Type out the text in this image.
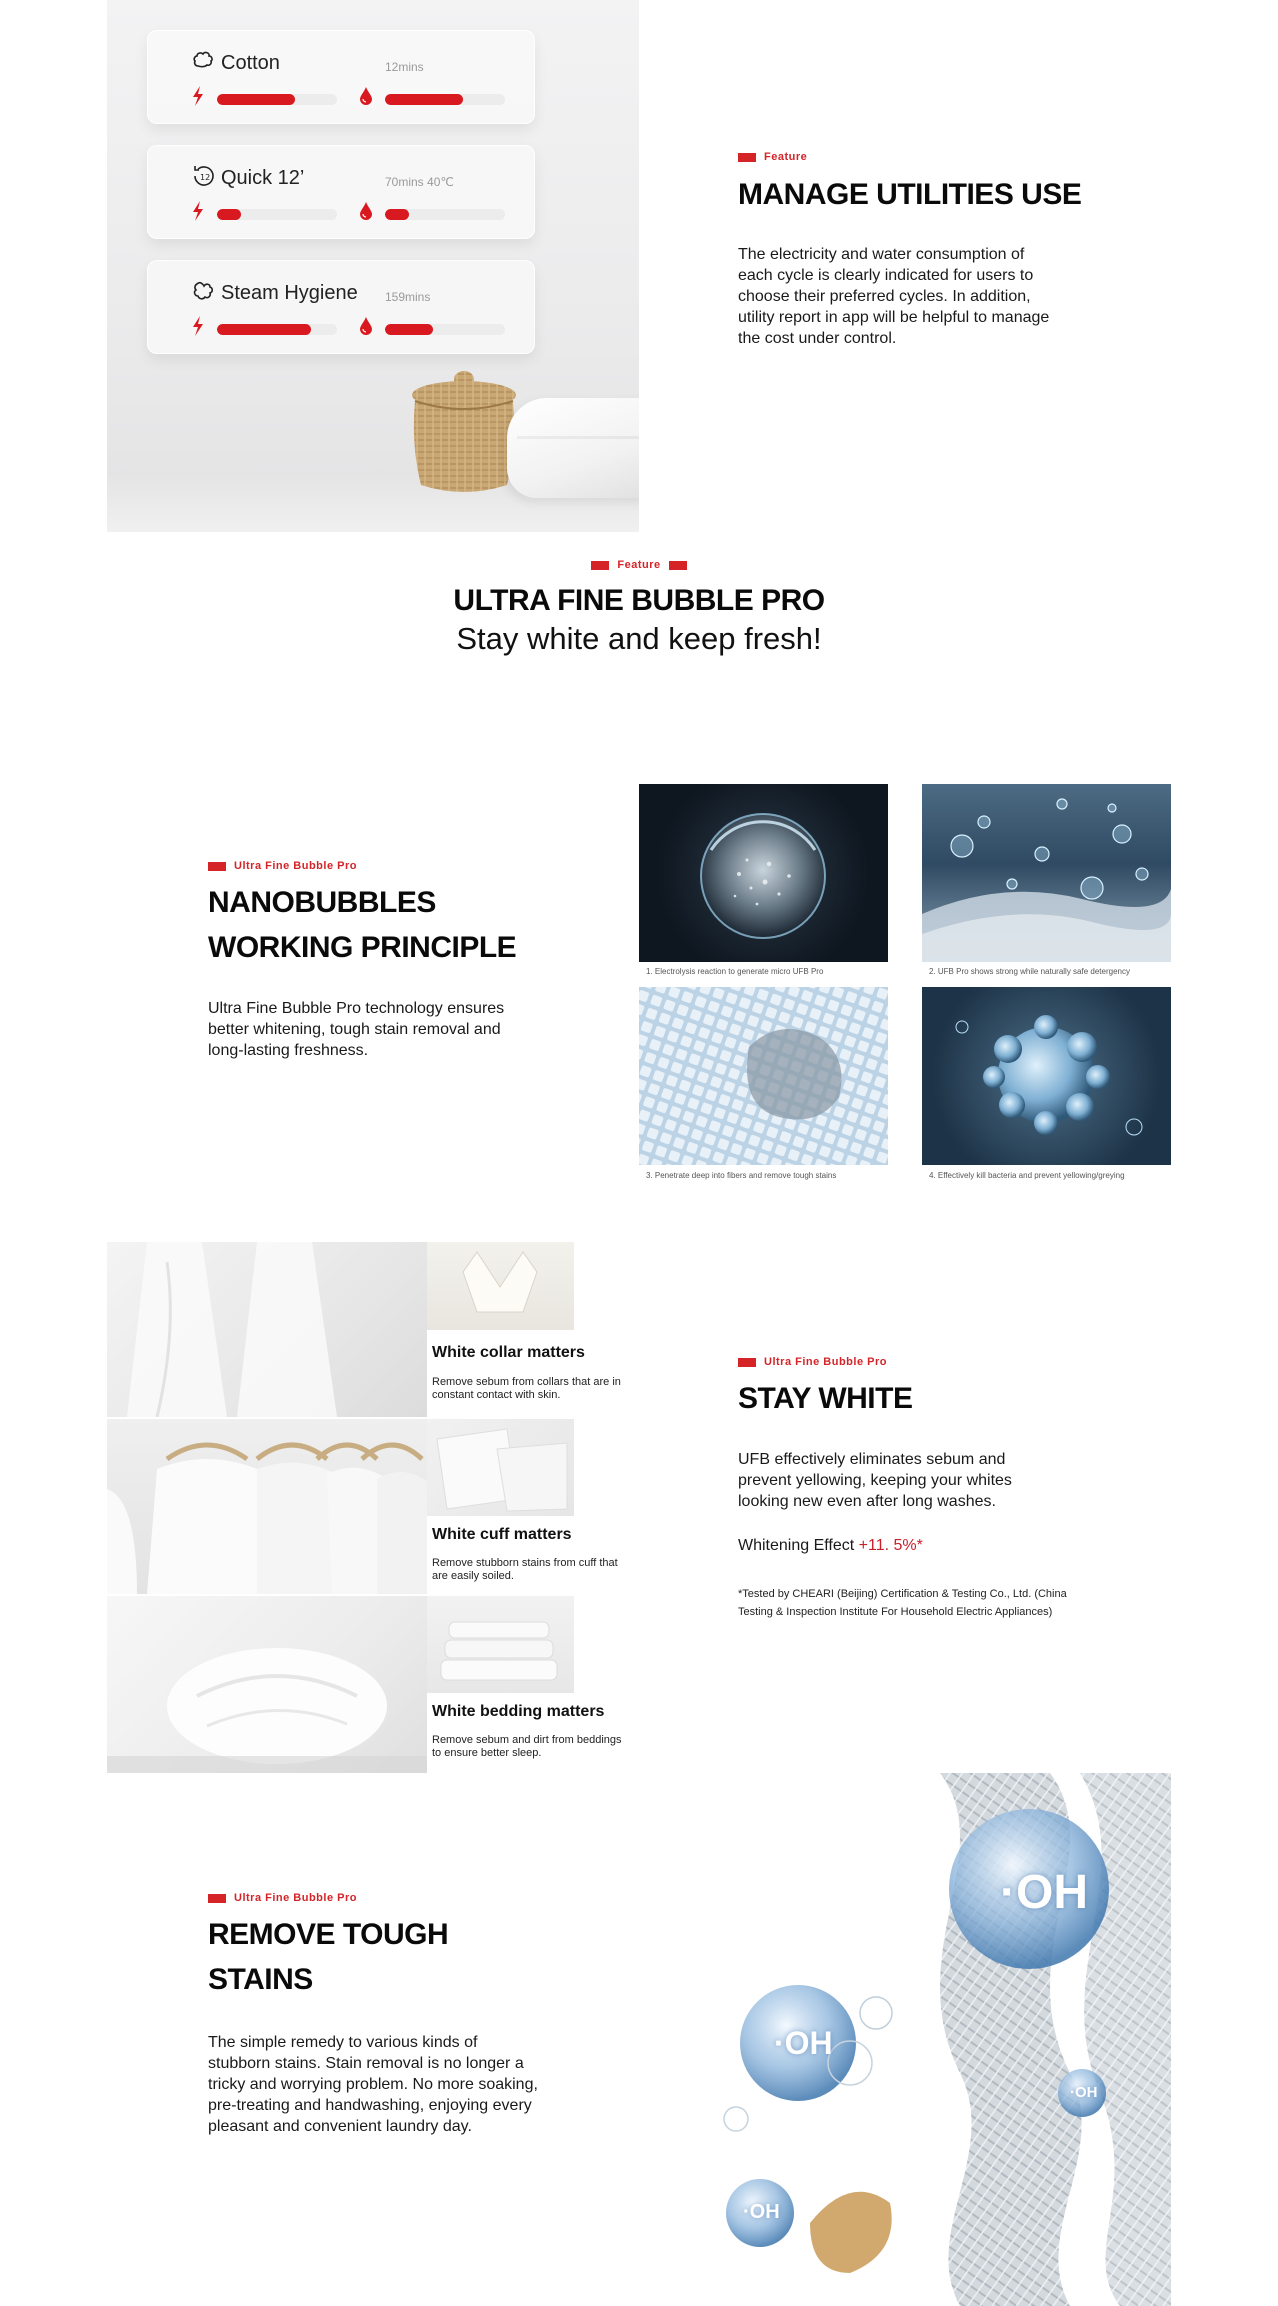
Cotton	12mins
12 Quick 12’	70mins 40℃
Steam Hygiene 159mins
Feature
MANAGE UTILITIES USE
The electricity and water consumption of each cycle is clearly indicated for users to choose their preferred cycles. In addition, utility report in app will be helpful to manage the cost under control.
Feature
ULTRA FINE BUBBLE PRO
Stay white and keep fresh!
Ultra Fine Bubble Pro
NANOBUBBLES
WORKING PRINCIPLE
Ultra Fine Bubble Pro technology ensures better whitening, tough stain removal and long-lasting freshness.
1. Electrolysis reaction to generate micro UFB Pro	2. UFB Pro shows strong while naturally safe detergency
3. Penetrate deep into fibers and remove tough stains	4. Effectively kill bacteria and prevent yellowing/greying
White collar matters
Remove sebum from collars that are in constant contact with skin.
White cuff matters
Remove stubborn stains from cuff that are easily soiled.
White bedding matters
Remove sebum and dirt from beddings to ensure better sleep.
Ultra Fine Bubble Pro
STAY WHITE
UFB effectively eliminates sebum and prevent yellowing, keeping your whites looking new even after long washes.
Whitening Effect +11. 5%*
*Tested by CHEARI (Beijing) Certification & Testing Co., Ltd. (China Testing & Inspection Institute For Household Electric Appliances)
Ultra Fine Bubble Pro
REMOVE TOUGH
STAINS
The simple remedy to various kinds of stubborn stains. Stain removal is no longer a tricky and worrying problem. No more soaking, pre-treating and handwashing, enjoying every pleasant and convenient laundry day.
·OH
·OH
·OH
·OH
